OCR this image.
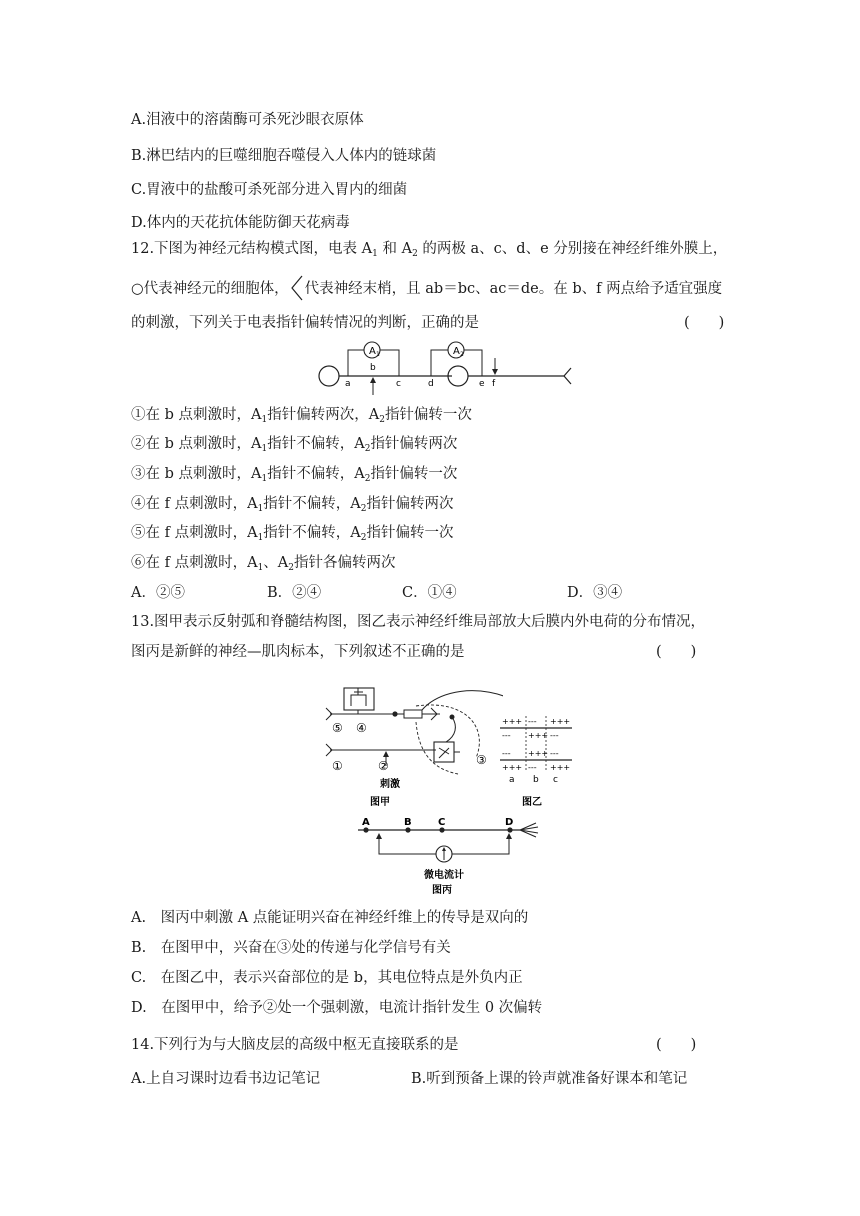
A.泪液中的溶菌酶可杀死沙眼衣原体
B.淋巴结内的巨噬细胞吞噬侵入人体内的链球菌
C.胃液中的盐酸可杀死部分进入胃内的细菌
D.体内的天花抗体能防御天花病毒
12.下图为神经元结构模式图，电表 $A_1$ 和 $A_2$ 的两极 a、c、d、e 分别接在神经纤维外膜上，
○代表神经元的细胞体， 代表神经末梢，且 ab＝bc、ac＝de。在 b、f 两点给予适宜强度
的刺激，下列关于电表指针偏转情况的判断，正确的是	(　　)
A 1	A 2
a
b
c	d	e f
①在 b 点刺激时，$A_1$指针偏转两次，$A_2$指针偏转一次
②在 b 点刺激时，$A_1$指针不偏转，$A_2$指针偏转两次
③在 b 点刺激时，$A_1$指针不偏转，$A_2$指针偏转一次
④在 f 点刺激时，$A_1$指针不偏转，$A_2$指针偏转两次
⑤在 f 点刺激时，$A_1$指针不偏转，$A_2$指针偏转一次
⑥在 f 点刺激时，$A_1$、$A_2$指针各偏转两次
A．②⑤	B．②④	C．①④	D．③④
13.图甲表示反射弧和脊髓结构图，图乙表示神经纤维局部放大后膜内外电荷的分布情况，
图丙是新鲜的神经—肌肉标本，下列叙述不正确的是	(　　)
⑤ ④
①	②	③
刺激
图甲
+++ --- +++
--- +++ ---
--- +++ ---
+++ --- +++
a b c
图乙
A	B	C	D
微电流计
图丙
A.　图丙中刺激 A 点能证明兴奋在神经纤维上的传导是双向的
B.　在图甲中，兴奋在③处的传递与化学信号有关
C.　在图乙中，表示兴奋部位的是 b，其电位特点是外负内正
D.　在图甲中，给予②处一个强刺激，电流计指针发生 0 次偏转
14.下列行为与大脑皮层的高级中枢无直接联系的是	(　　)
A.上自习课时边看书边记笔记	B.听到预备上课的铃声就准备好课本和笔记
